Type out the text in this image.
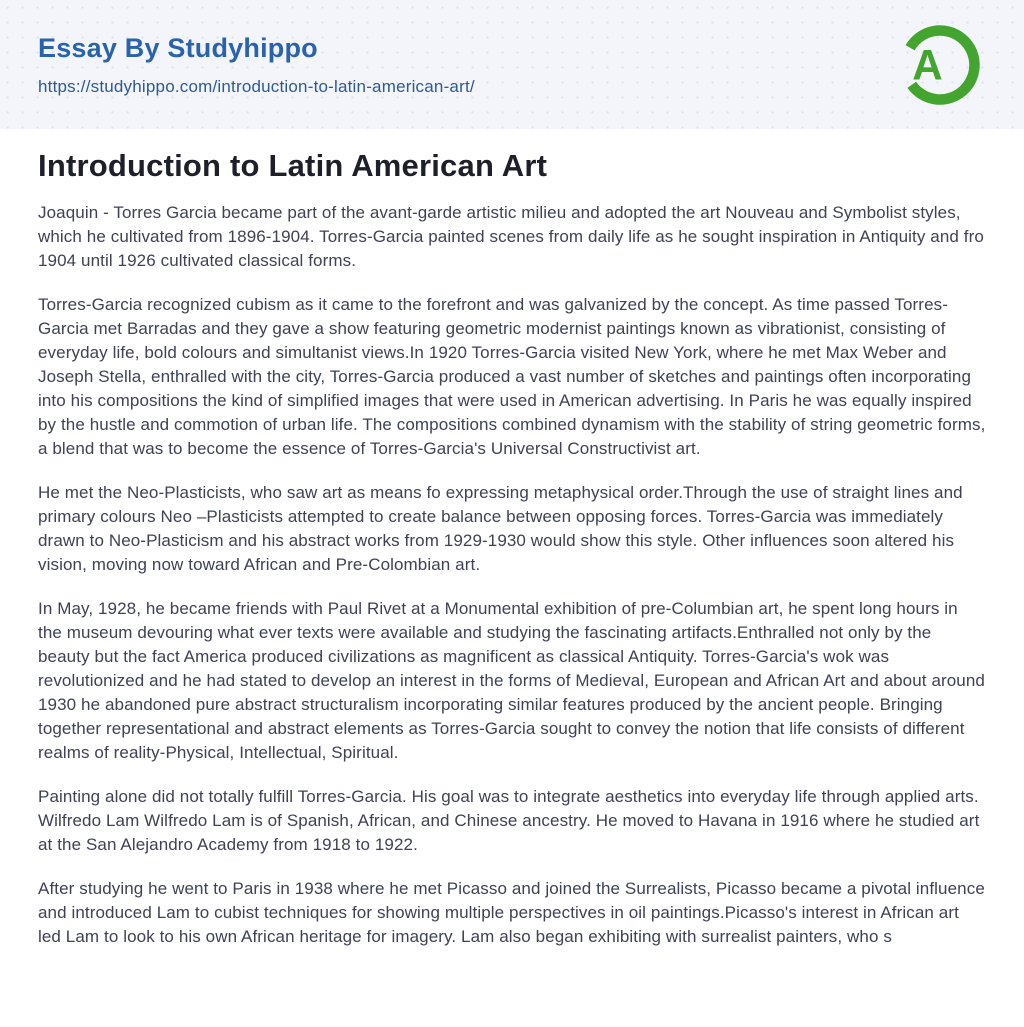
Essay By Studyhippo
https://studyhippo.com/introduction-to-latin-american-art/	A
Introduction to Latin American Art

Joaquin - Torres Garcia became part of the avant-garde artistic milieu and adopted the art Nouveau and Symbolist styles, which he cultivated from 1896-1904. Torres-Garcia painted scenes from daily life as he sought inspiration in Antiquity and fro 1904 until 1926 cultivated classical forms.

Torres-Garcia recognized cubism as it came to the forefront and was galvanized by the concept. As time passed Torres-Garcia met Barradas and they gave a show featuring geometric modernist paintings known as vibrationist, consisting of everyday life, bold colours and simultanist views.In 1920 Torres-Garcia visited New York, where he met Max Weber and Joseph Stella, enthralled with the city, Torres-Garcia produced a vast number of sketches and paintings often incorporating into his compositions the kind of simplified images that were used in American advertising. In Paris he was equally inspired by the hustle and commotion of urban life. The compositions combined dynamism with the stability of string geometric forms, a blend that was to become the essence of Torres-Garcia's Universal Constructivist art.

He met the Neo-Plasticists, who saw art as means fo expressing metaphysical order.Through the use of straight lines and primary colours Neo –Plasticists attempted to create balance between opposing forces. Torres-Garcia was immediately drawn to Neo-Plasticism and his abstract works from 1929-1930 would show this style. Other influences soon altered his vision, moving now toward African and Pre-Colombian art.

In May, 1928, he became friends with Paul Rivet at a Monumental exhibition of pre-Columbian art, he spent long hours in the museum devouring what ever texts were available and studying the fascinating artifacts.Enthralled not only by the beauty but the fact America produced civilizations as magnificent as classical Antiquity. Torres-Garcia's wok was revolutionized and he had stated to develop an interest in the forms of Medieval, European and African Art and about around 1930 he abandoned pure abstract structuralism incorporating similar features produced by the ancient people. Bringing together representational and abstract elements as Torres-Garcia sought to convey the notion that life consists of different realms of reality-Physical, Intellectual, Spiritual.

Painting alone did not totally fulfill Torres-Garcia. His goal was to integrate aesthetics into everyday life through applied arts. Wilfredo Lam Wilfredo Lam is of Spanish, African, and Chinese ancestry. He moved to Havana in 1916 where he studied art at the San Alejandro Academy from 1918 to 1922.

After studying he went to Paris in 1938 where he met Picasso and joined the Surrealists, Picasso became a pivotal influence and introduced Lam to cubist techniques for showing multiple perspectives in oil paintings.Picasso's interest in African art led Lam to look to his own African heritage for imagery. Lam also began exhibiting with surrealist painters, who s
